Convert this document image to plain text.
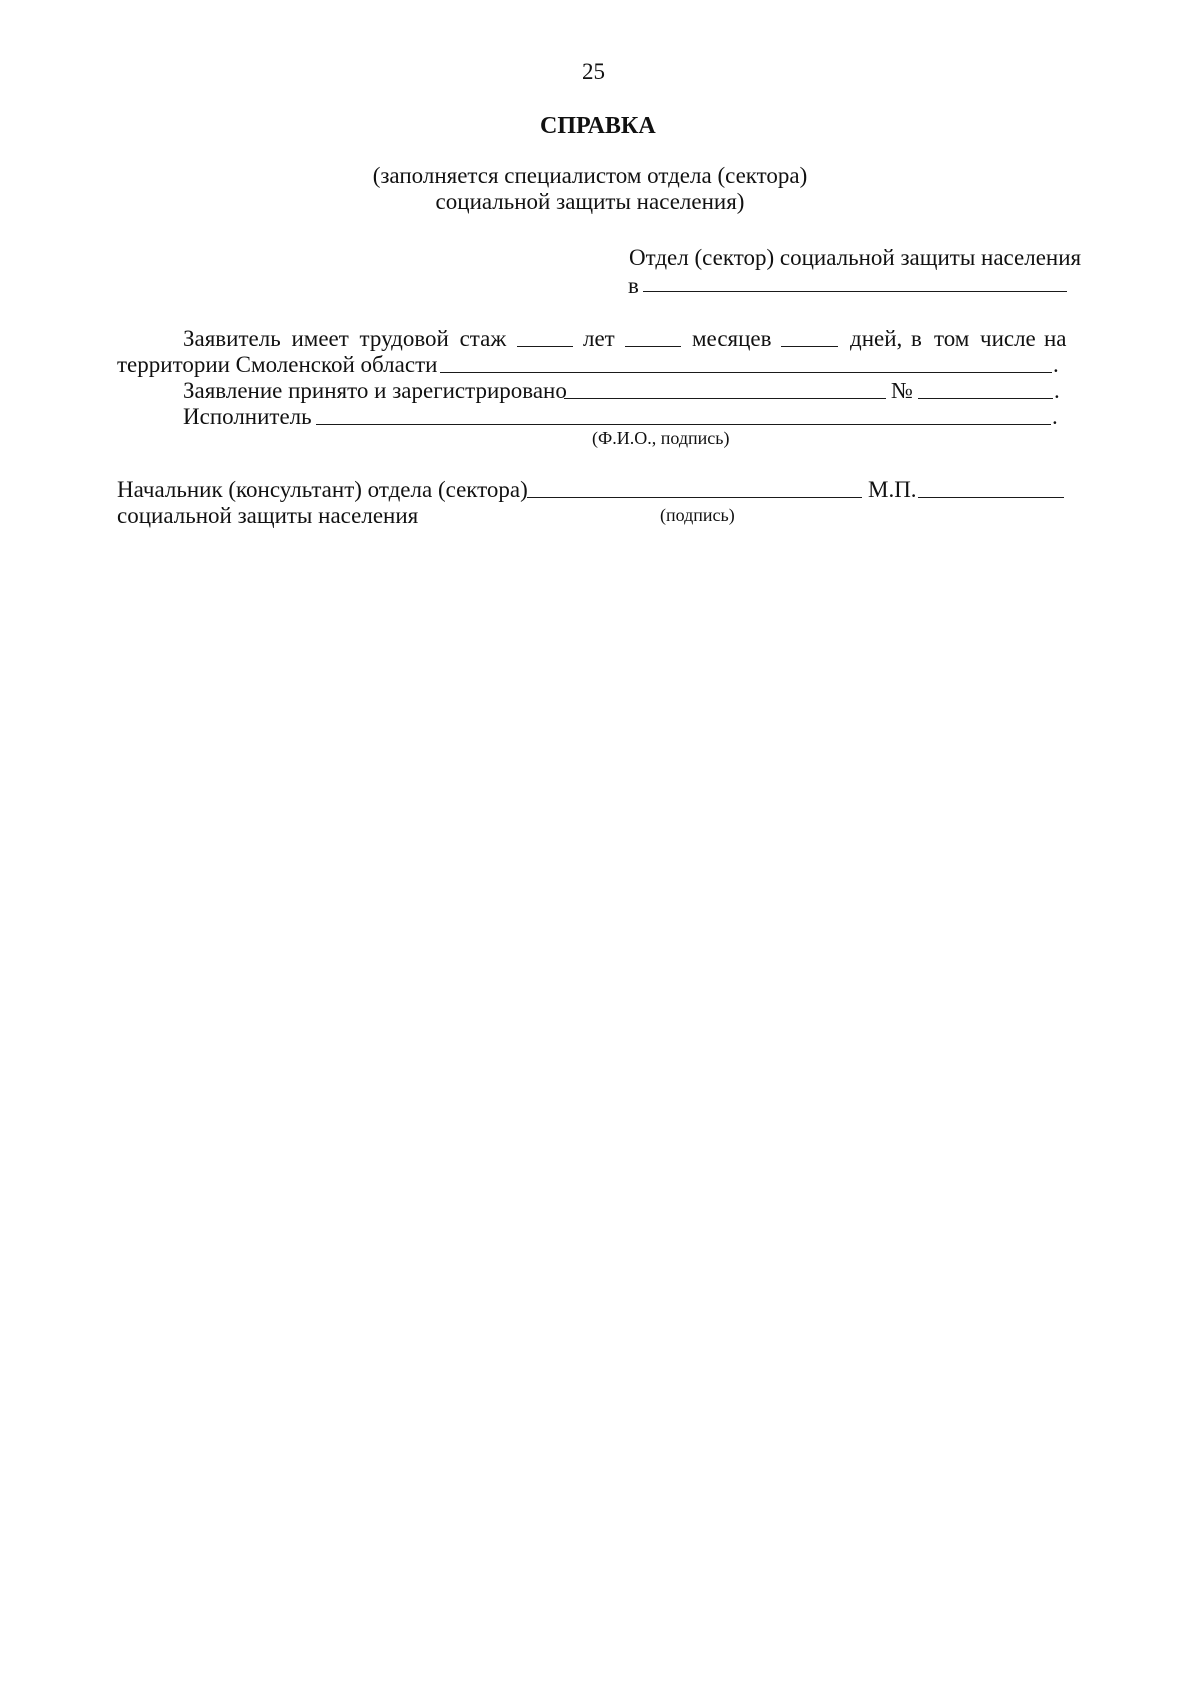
25
СПРАВКА
(заполняется специалистом отдела (сектора)
социальной защиты населения)
Отдел (сектор) социальной защиты населения
в
Заявитель имеет трудовой стаж	лет	месяцев	дней, в том числе на
территории Смоленской области	.
Заявление принято и зарегистрировано	№	.
Исполнитель	.
(Ф.И.О., подпись)
Начальник (консультант) отдела (сектора)	М.П.
социальной защиты населения	(подпись)
